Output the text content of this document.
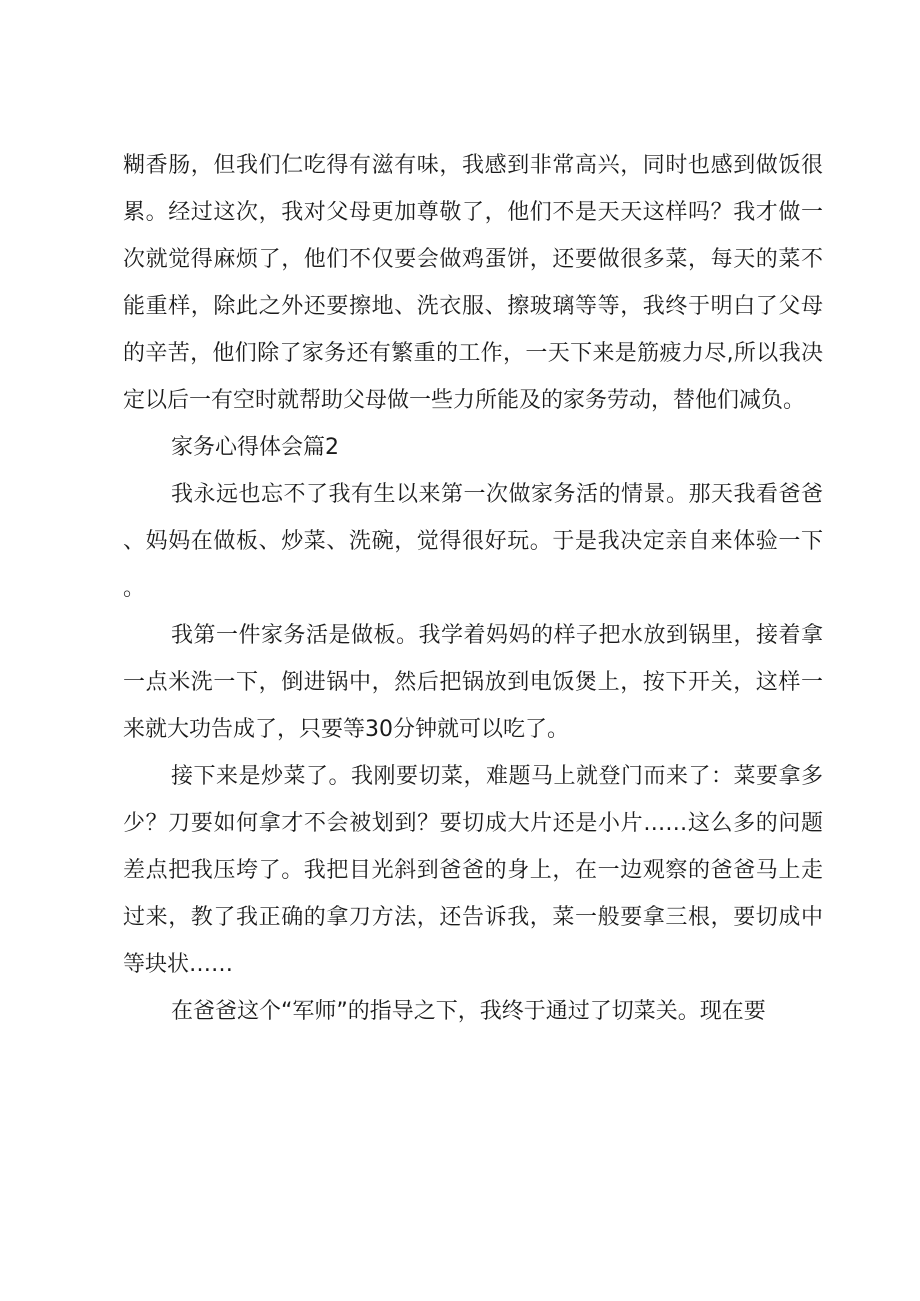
糊香肠，但我们仁吃得有滋有味，我感到非常高兴，同时也感到做饭很累。经过这次，我对父母更加尊敬了，他们不是天天这样吗？我才做一次就觉得麻烦了，他们不仅要会做鸡蛋饼，还要做很多菜，每天的菜不能重样，除此之外还要擦地、洗衣服、擦玻璃等等，我终于明白了父母的辛苦，他们除了家务还有繁重的工作，一天下来是筋疲力尽,所以我决定以后一有空时就帮助父母做一些力所能及的家务劳动，替他们减负。

家务心得体会篇2

我永远也忘不了我有生以来第一次做家务活的情景。那天我看爸爸、妈妈在做板、炒菜、洗碗，觉得很好玩。于是我决定亲自来体验一下。

我第一件家务活是做板。我学着妈妈的样子把水放到锅里，接着拿一点米洗一下，倒进锅中，然后把锅放到电饭煲上，按下开关，这样一来就大功告成了，只要等30分钟就可以吃了。

接下来是炒菜了。我刚要切菜，难题马上就登门而来了：菜要拿多少？刀要如何拿才不会被划到？要切成大片还是小片……这么多的问题差点把我压垮了。我把目光斜到爸爸的身上，在一边观察的爸爸马上走过来，教了我正确的拿刀方法，还告诉我，菜一般要拿三根，要切成中等块状……

在爸爸这个“军师”的指导之下，我终于通过了切菜关。现在要
